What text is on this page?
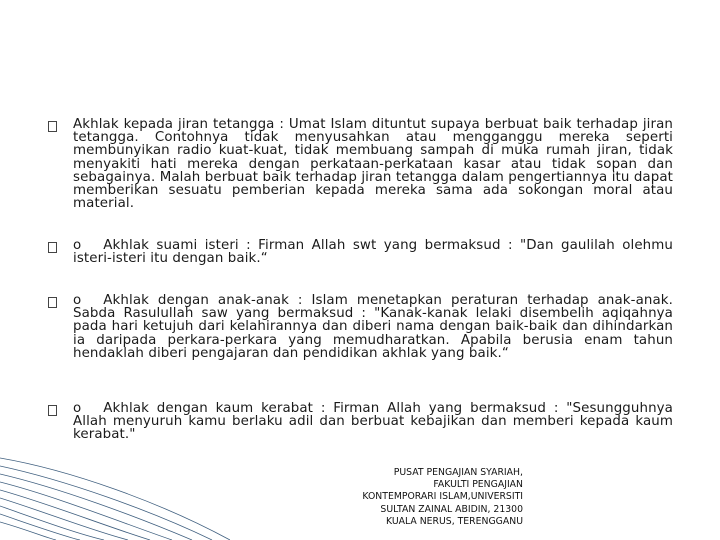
Akhlak kepada jiran tetangga : Umat Islam dituntut supaya berbuat baik terhadap jiran tetangga. Contohnya tidak menyusahkan atau mengganggu mereka seperti membunyikan radio kuat-kuat, tidak membuang sampah di muka rumah jiran, tidak menyakiti hati mereka dengan perkataan-perkataan kasar atau tidak sopan dan sebagainya. Malah berbuat baik terhadap jiran tetangga dalam pengertiannya itu dapat memberikan sesuatu pemberian kepada mereka sama ada sokongan moral atau material.
o Akhlak suami isteri : Firman Allah swt yang bermaksud : "Dan gaulilah olehmu isteri-isteri itu dengan baik.“
o Akhlak dengan anak-anak : Islam menetapkan peraturan terhadap anak-anak. Sabda Rasulullah saw yang bermaksud : "Kanak-kanak lelaki disembelih aqiqahnya pada hari ketujuh dari kelahirannya dan diberi nama dengan baik-baik dan dihindarkan ia daripada perkara-perkara yang memudharatkan. Apabila berusia enam tahun hendaklah diberi pengajaran dan pendidikan akhlak yang baik.“
o Akhlak dengan kaum kerabat : Firman Allah yang bermaksud : "Sesungguhnya Allah menyuruh kamu berlaku adil dan berbuat kebajikan dan memberi kepada kaum kerabat."
PUSAT PENGAJIAN SYARIAH,
FAKULTI PENGAJIAN
KONTEMPORARI ISLAM,UNIVERSITI
SULTAN ZAINAL ABIDIN, 21300
KUALA NERUS, TERENGGANU
